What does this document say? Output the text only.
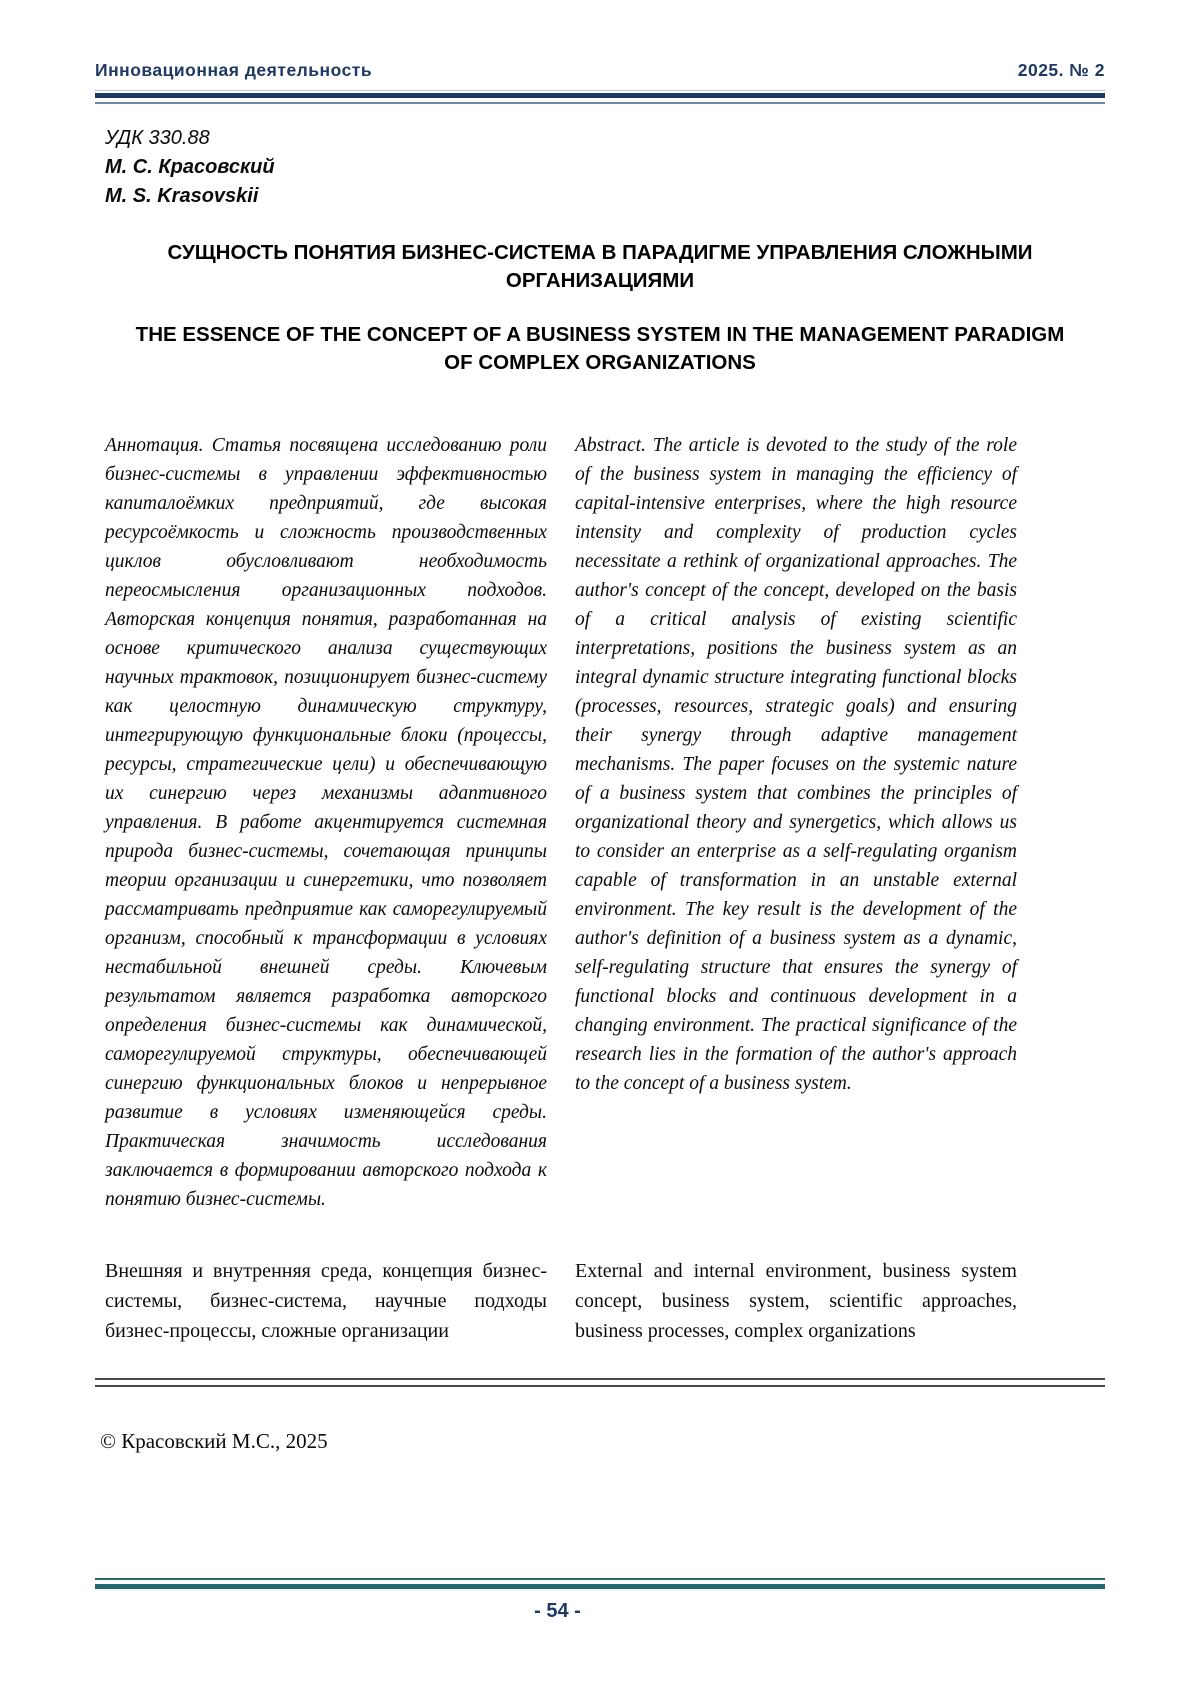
Инновационная деятельность	2025. № 2
УДК 330.88
М. С. Красовский
M. S. Krasovskii
СУЩНОСТЬ ПОНЯТИЯ БИЗНЕС-СИСТЕМА В ПАРАДИГМЕ УПРАВЛЕНИЯ СЛОЖНЫМИ ОРГАНИЗАЦИЯМИ
THE ESSENCE OF THE CONCEPT OF A BUSINESS SYSTEM IN THE MANAGEMENT PARADIGM OF COMPLEX ORGANIZATIONS
Аннотация. Статья посвящена исследованию роли бизнес-системы в управлении эффективностью капиталоёмких предприятий, где высокая ресурсоёмкость и сложность производственных циклов обусловливают необходимость переосмысления организационных подходов. Авторская концепция понятия, разработанная на основе критического анализа существующих научных трактовок, позиционирует бизнес-систему как целостную динамическую структуру, интегрирующую функциональные блоки (процессы, ресурсы, стратегические цели) и обеспечивающую их синергию через механизмы адаптивного управления. В работе акцентируется системная природа бизнес-системы, сочетающая принципы теории организации и синергетики, что позволяет рассматривать предприятие как саморегулируемый организм, способный к трансформации в условиях нестабильной внешней среды. Ключевым результатом является разработка авторского определения бизнес-системы как динамической, саморегулируемой структуры, обеспечивающей синергию функциональных блоков и непрерывное развитие в условиях изменяющейся среды. Практическая значимость исследования заключается в формировании авторского подхода к понятию бизнес-системы.
Abstract. The article is devoted to the study of the role of the business system in managing the efficiency of capital-intensive enterprises, where the high resource intensity and complexity of production cycles necessitate a rethink of organizational approaches. The author's concept of the concept, developed on the basis of a critical analysis of existing scientific interpretations, positions the business system as an integral dynamic structure integrating functional blocks (processes, resources, strategic goals) and ensuring their synergy through adaptive management mechanisms. The paper focuses on the systemic nature of a business system that combines the principles of organizational theory and synergetics, which allows us to consider an enterprise as a self-regulating organism capable of transformation in an unstable external environment. The key result is the development of the author's definition of a business system as a dynamic, self-regulating structure that ensures the synergy of functional blocks and continuous development in a changing environment. The practical significance of the research lies in the formation of the author's approach to the concept of a business system.
Внешняя и внутренняя среда, концепция бизнес-системы, бизнес-система, научные подходы бизнес-процессы, сложные организации
External and internal environment, business system concept, business system, scientific approaches, business processes, complex organizations
© Красовский М.С., 2025
- 54 -
